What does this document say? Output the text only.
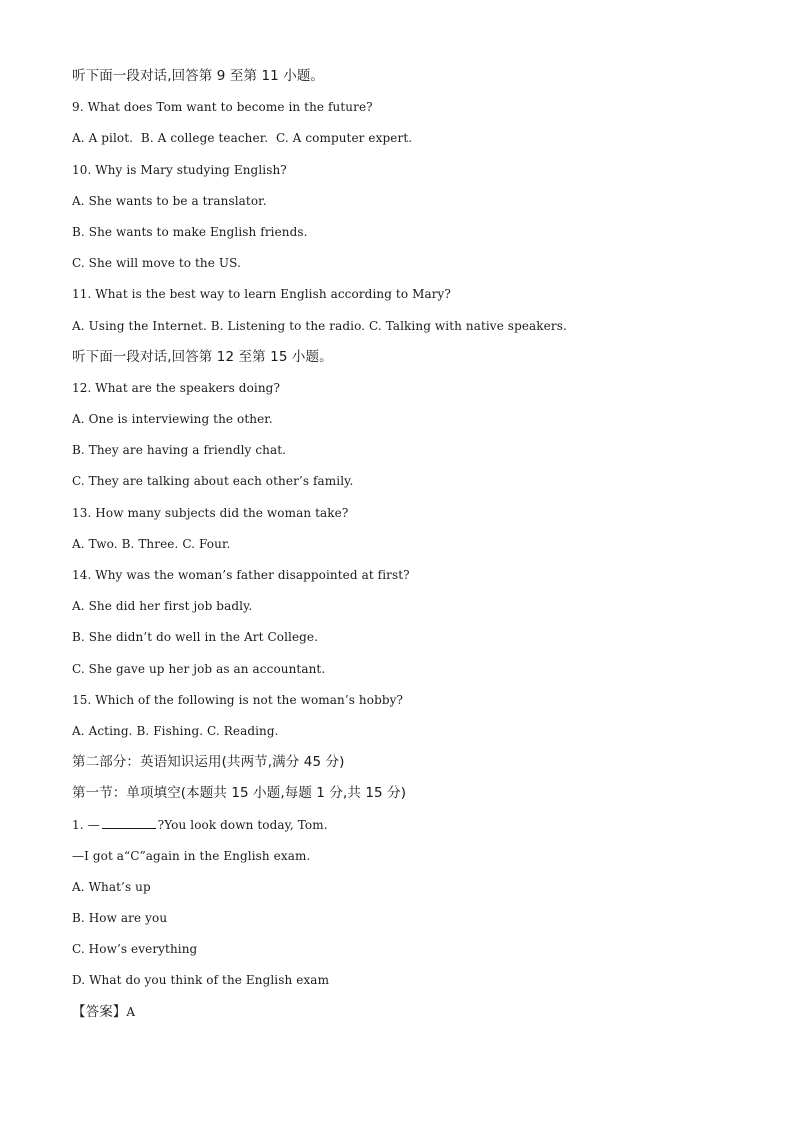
听下面一段对话,回答第 9 至第 11 小题。
9. What does Tom want to become in the future?
A. A pilot.  B. A college teacher.  C. A computer expert.
10. Why is Mary studying English?
A. She wants to be a translator.
B. She wants to make English friends.
C. She will move to the US.
11. What is the best way to learn English according to Mary?
A. Using the Internet. B. Listening to the radio. C. Talking with native speakers.
听下面一段对话,回答第 12 至第 15 小题。
12. What are the speakers doing?
A. One is interviewing the other.
B. They are having a friendly chat.
C. They are talking about each other’s family.
13. How many subjects did the woman take?
A. Two. B. Three. C. Four.
14. Why was the woman’s father disappointed at first?
A. She did her first job badly.
B. She didn’t do well in the Art College.
C. She gave up her job as an accountant.
15. Which of the following is not the woman’s hobby?
A. Acting. B. Fishing. C. Reading.
第二部分：英语知识运用(共两节,满分 45 分)
第一节：单项填空(本题共 15 小题,每题 1 分,共 15 分)
1. —	?You look down today, Tom.
—I got a“C”again in the English exam.
A. What’s up
B. How are you
C. How’s everything
D. What do you think of the English exam
【答案】A
